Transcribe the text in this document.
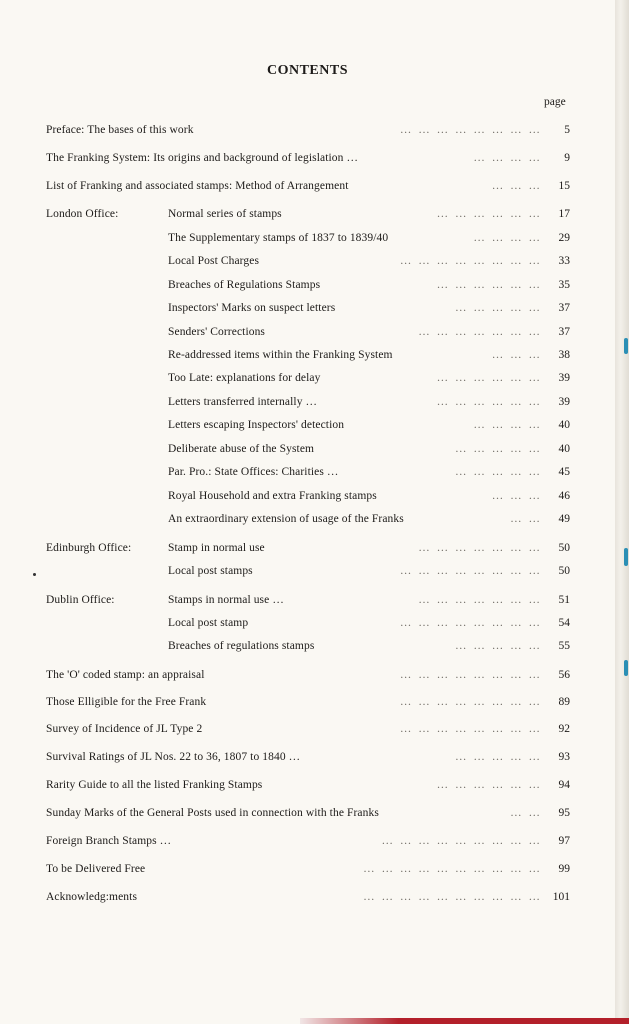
CONTENTS
page
… … … … … … … …
Preface: The bases of this work	5
… … … …
The Franking System: Its origins and background of legislation …	9
… … …
List of Franking and associated stamps: Method of Arrangement	15
… … … … … …
London Office:	Normal series of stamps	17
… … … …
The Supplementary stamps of 1837 to 1839/40	29
… … … … … … … …
Local Post Charges	33
… … … … … …
Breaches of Regulations Stamps	35
… … … … …
Inspectors' Marks on suspect letters	37
… … … … … … …
Senders' Corrections	37
… … …
Re-addressed items within the Franking System	38
… … … … … …
Too Late: explanations for delay	39
… … … … … …
Letters transferred internally …	39
… … … …
Letters escaping Inspectors' detection	40
… … … … …
Deliberate abuse of the System	40
… … … … …
Par. Pro.: State Offices: Charities …	45
… … …
Royal Household and extra Franking stamps	46
… …
An extraordinary extension of usage of the Franks	49
… … … … … … …
Edinburgh Office:	Stamp in normal use	50
… … … … … … … …
Local post stamps	50
… … … … … … …
Dublin Office:	Stamps in normal use …	51
… … … … … … … …
Local post stamp	54
… … … … …
Breaches of regulations stamps	55
… … … … … … … …
The 'O' coded stamp: an appraisal	56
… … … … … … … …
Those Elligible for the Free Frank	89
… … … … … … … …
Survey of Incidence of JL Type 2	92
… … … … …
Survival Ratings of JL Nos. 22 to 36, 1807 to 1840 …	93
… … … … … …
Rarity Guide to all the listed Franking Stamps	94
… …
Sunday Marks of the General Posts used in connection with the Franks	95
… … … … … … … … …
Foreign Branch Stamps …	97
… … … … … … … … … …
To be Delivered Free	99
… … … … … … … … … …
Acknowledg:ments	101
